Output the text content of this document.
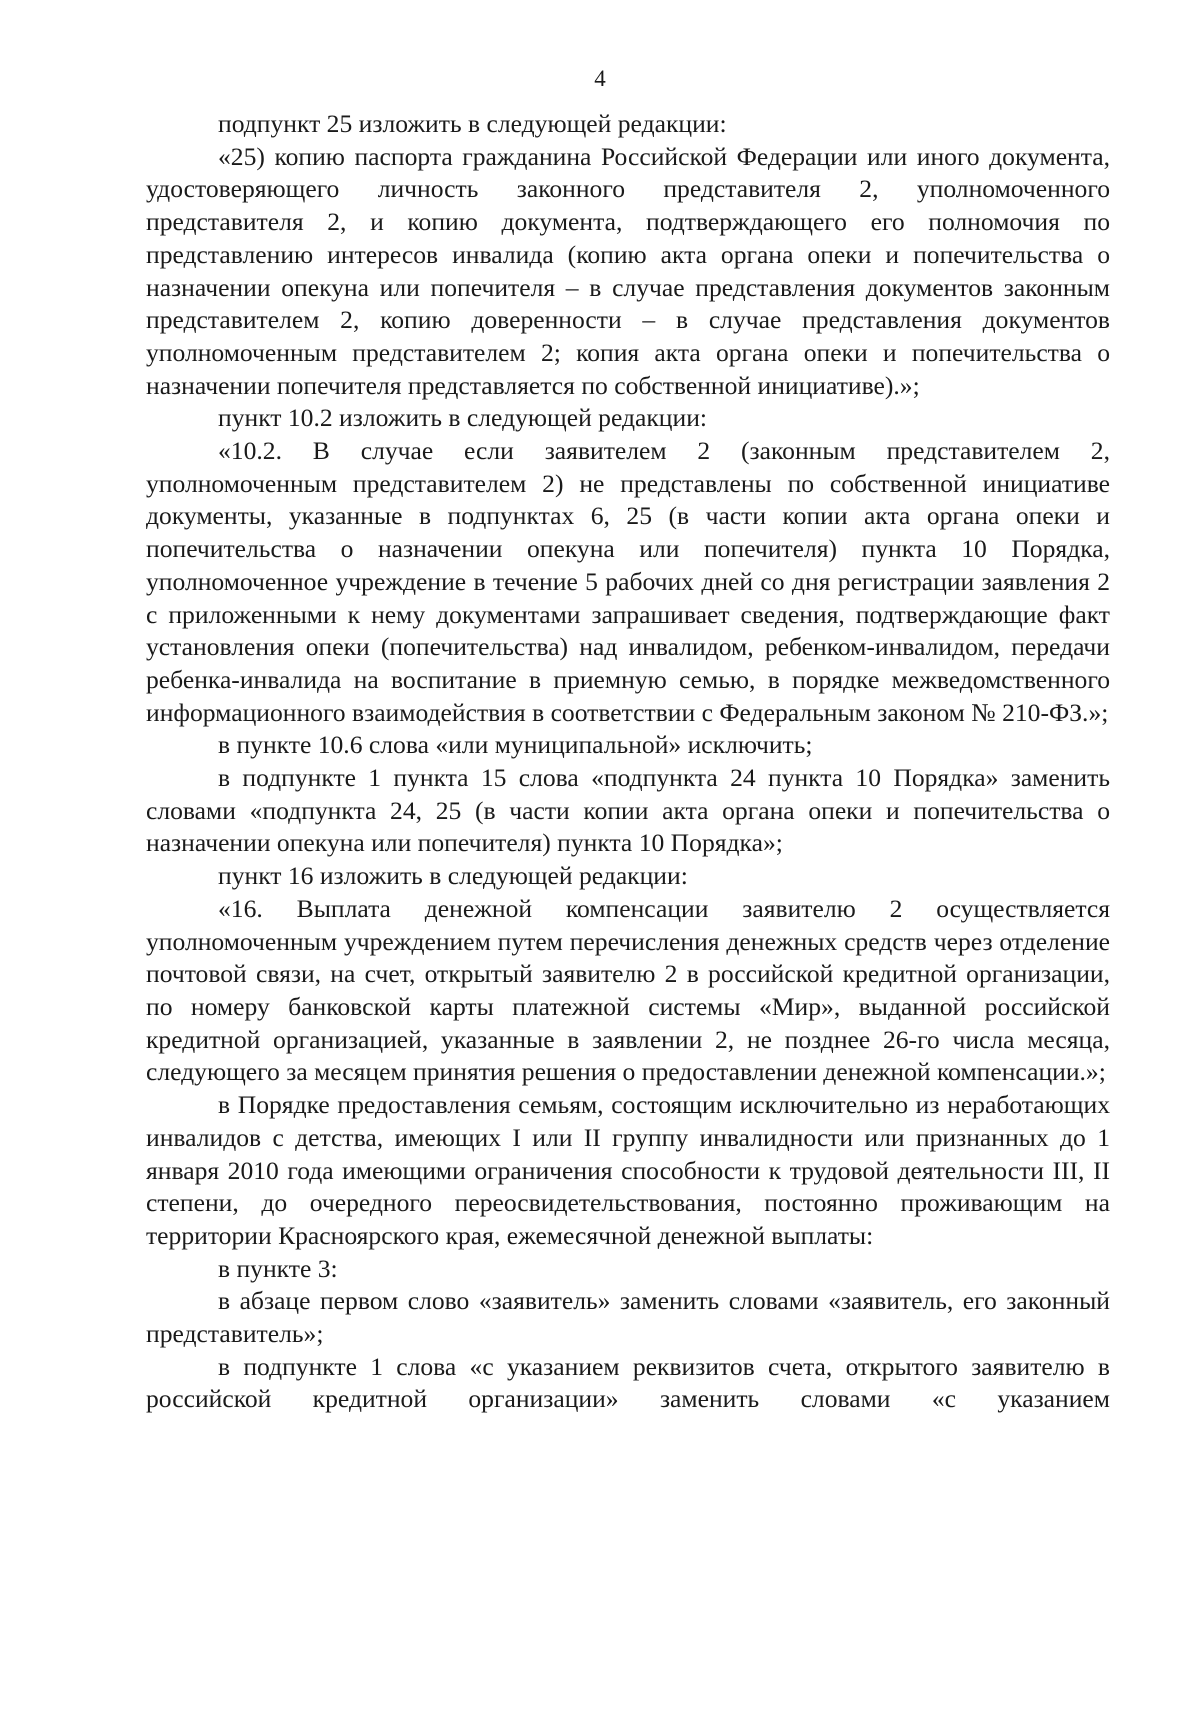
4

подпункт 25 изложить в следующей редакции:

«25) копию паспорта гражданина Российской Федерации или иного документа, удостоверяющего личность законного представителя 2, уполномоченного представителя 2, и копию документа, подтверждающего его полномочия по представлению интересов инвалида (копию акта органа опеки и попечительства о назначении опекуна или попечителя – в случае представления документов законным представителем 2, копию доверенности – в случае представления документов уполномоченным представителем 2; копия акта органа опеки и попечительства о назначении попечителя представляется по собственной инициативе).»;

пункт 10.2 изложить в следующей редакции:

«10.2. В случае если заявителем 2 (законным представителем 2, уполномоченным представителем 2) не представлены по собственной инициативе документы, указанные в подпунктах 6, 25 (в части копии акта органа опеки и попечительства о назначении опекуна или попечителя) пункта 10 Порядка, уполномоченное учреждение в течение 5 рабочих дней со дня регистрации заявления 2 с приложенными к нему документами запрашивает сведения, подтверждающие факт установления опеки (попечительства) над инвалидом, ребенком-инвалидом, передачи ребенка-инвалида на воспитание в приемную семью, в порядке межведомственного информационного взаимодействия в соответствии с Федеральным законом № 210-ФЗ.»;

в пункте 10.6 слова «или муниципальной» исключить;

в подпункте 1 пункта 15 слова «подпункта 24 пункта 10 Порядка» заменить словами «подпункта 24, 25 (в части копии акта органа опеки и попечительства о назначении опекуна или попечителя) пункта 10 Порядка»;

пункт 16 изложить в следующей редакции:

«16. Выплата денежной компенсации заявителю 2 осуществляется уполномоченным учреждением путем перечисления денежных средств через отделение почтовой связи, на счет, открытый заявителю 2 в российской кредитной организации, по номеру банковской карты платежной системы «Мир», выданной российской кредитной организацией, указанные в заявлении 2, не позднее 26-го числа месяца, следующего за месяцем принятия решения о предоставлении денежной компенсации.»;

в Порядке предоставления семьям, состоящим исключительно из неработающих инвалидов с детства, имеющих I или II группу инвалидности или признанных до 1 января 2010 года имеющими ограничения способности к трудовой деятельности III, II степени, до очередного переосвидетельствования, постоянно проживающим на территории Красноярского края, ежемесячной денежной выплаты:

в пункте 3:

в абзаце первом слово «заявитель» заменить словами «заявитель, его законный представитель»;

в подпункте 1 слова «с указанием реквизитов счета, открытого заявителю в российской кредитной организации» заменить словами «с указанием
